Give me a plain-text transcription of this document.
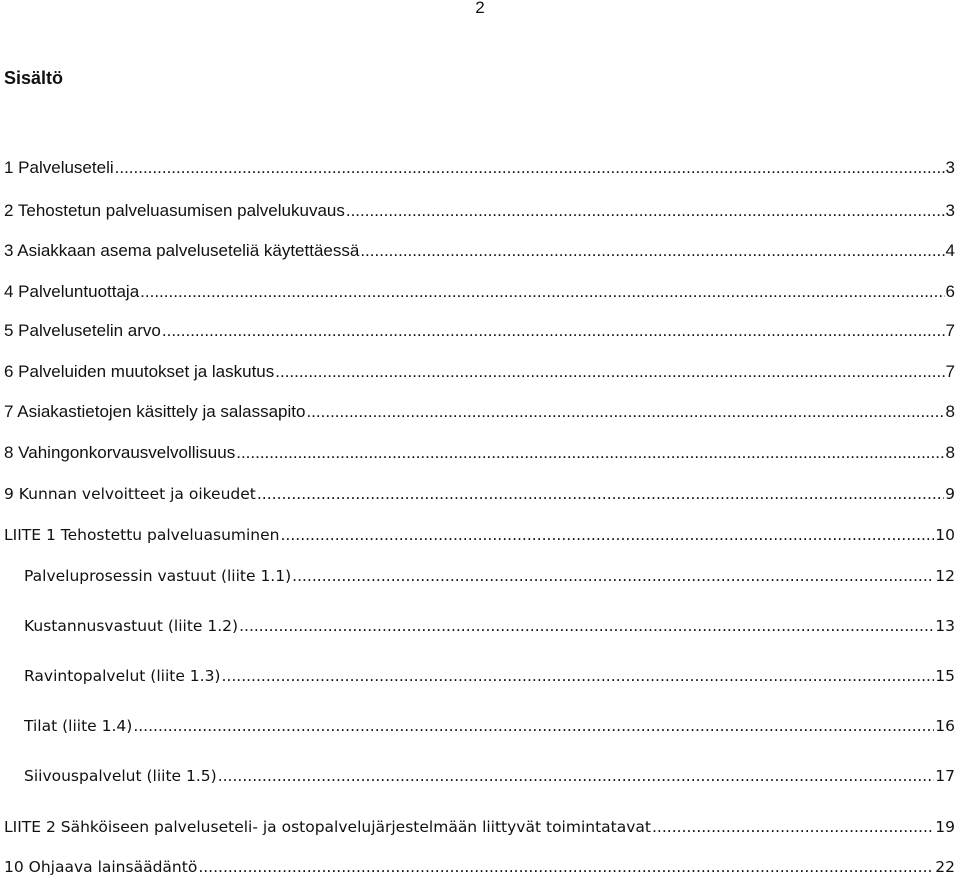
2
Sisältö
1 Palveluseteli .....	3
2 Tehostetun palveluasumisen palvelukuvaus .....	3
3 Asiakkaan asema palveluseteliä käytettäessä .....	4
4 Palveluntuottaja .....	6
5 Palvelusetelin arvo .....	7
6 Palveluiden muutokset ja laskutus .....	7
7 Asiakastietojen käsittely ja salassapito .....	8
8 Vahingonkorvausvelvollisuus .....	8
9 Kunnan velvoitteet ja oikeudet .....	9
LIITE 1 Tehostettu palveluasuminen .....	10
Palveluprosessin vastuut (liite 1.1) .....	12
Kustannusvastuut (liite 1.2) .....	13
Ravintopalvelut (liite 1.3) .....	15
Tilat (liite 1.4) .....	16
Siivouspalvelut (liite 1.5) .....	17
LIITE 2 Sähköiseen palveluseteli- ja ostopalvelujärjestelmään liittyvät toimintatavat .....	19
10 Ohjaava lainsäädäntö .....	22
